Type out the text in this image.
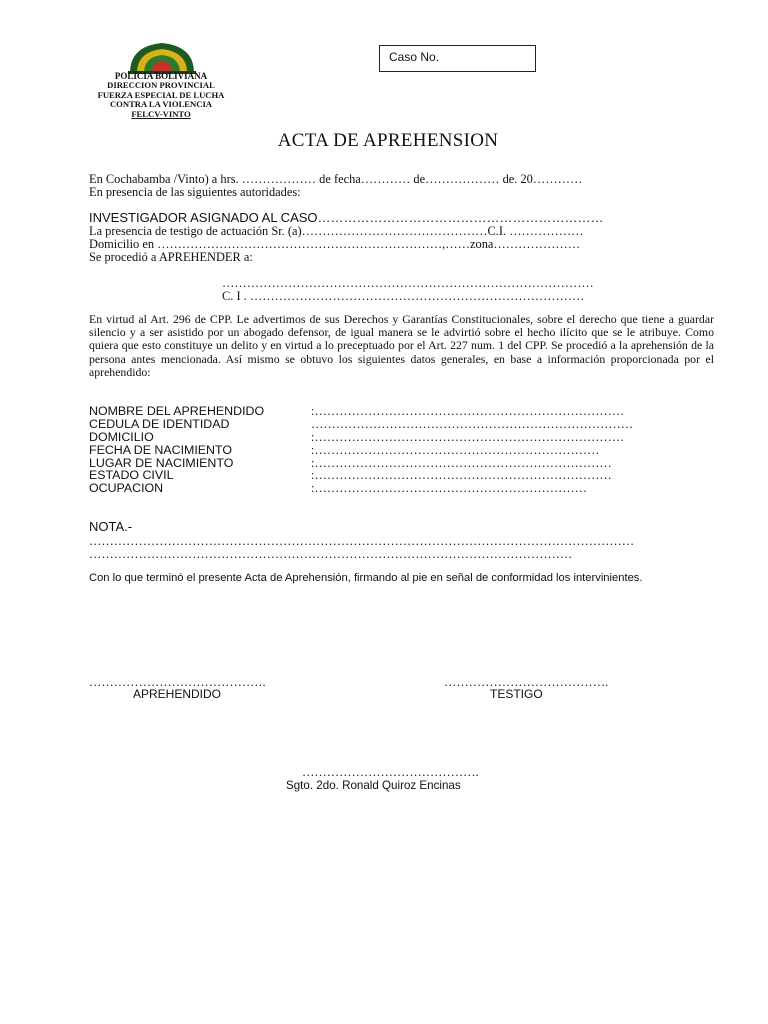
POLICIA BOLIVIANA
DIRECCION PROVINCIAL
FUERZA ESPECIAL DE LUCHA
CONTRA LA VIOLENCIA
FELCV-VINTO
Caso No.
ACTA DE APREHENSION
En Cochabamba /Vinto) a hrs. ……………… de fecha………… de……………… de. 20…………
En presencia de las siguientes autoridades:
INVESTIGADOR ASIGNADO AL CASO…………………………………………………………
La presencia de testigo de actuación Sr. (a)………………………………………C.I. ………………
Domicilio en ……………………………………………………………,……zona…………………
Se procedió a APREHENDER a:
………………………………………………………………………………
C. I . ………………………………………………………………………
En virtud al Art. 296 de CPP. Le advertimos de sus Derechos y Garantías Constitucionales, sobre el derecho que tiene a guardar silencio y a ser asistido por un abogado defensor, de igual manera se le advirtió sobre el hecho ilícito que se le atribuye. Como quiera que esto constituye un delito y en virtud a lo preceptuado por el Art. 227 num. 1 del CPP. Se procedió a la aprehensión de la persona antes mencionada. Así mismo se obtuvo los siguientes datos generales, en base a información proporcionada por el aprehendido:
NOMBRE DEL APREHENDIDO	:…………………………………………………………………
CEDULA DE IDENTIDAD	……………………………………………………………………
DOMICILIO	:…………………………………………………………………
FECHA DE NACIMIENTO	:……………………………………………………………
LUGAR DE NACIMIENTO	:………………………………………………………………
ESTADO CIVIL	:………………………………………………………………
OCUPACION	:…………………………………………………………
NOTA.-
……………………………………………………………………………………………………………………
………………………………………………………………………………………………………
Con lo que terminó el presente Acta de Aprehensión, firmando al pie en señal de conformidad los intervinientes.
…………………………………….
APREHENDIDO
………………………………….
TESTIGO
…………………………………….
Sgto. 2do. Ronald Quiroz Encinas
